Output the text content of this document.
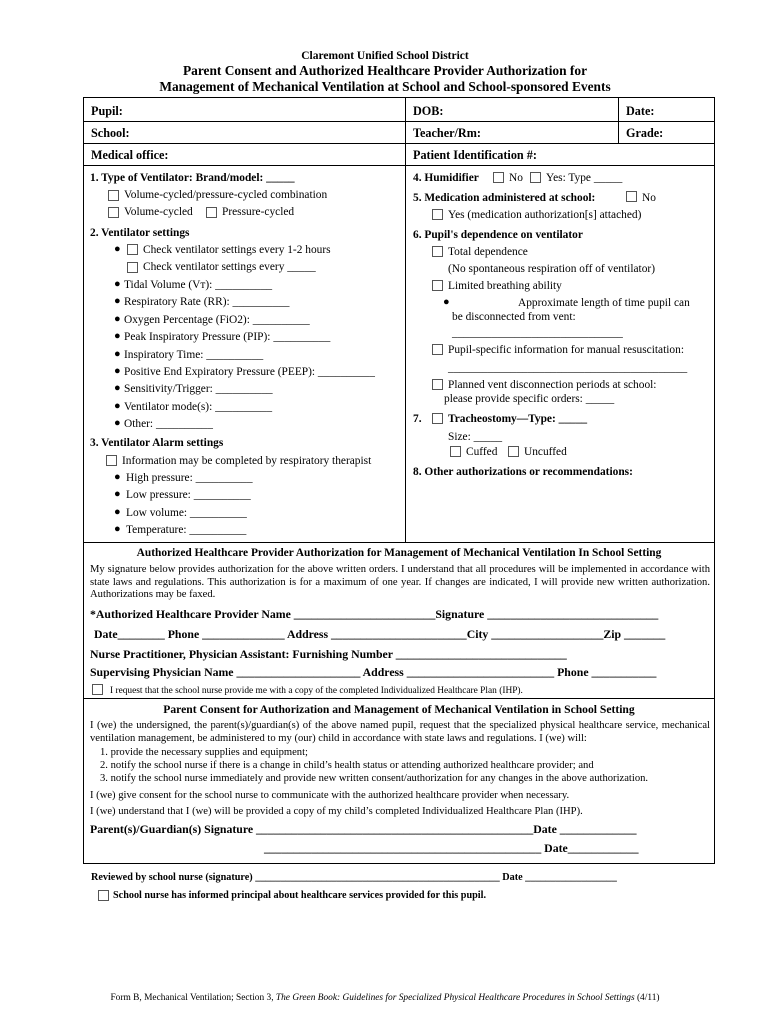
Claremont Unified School District
Parent Consent and Authorized Healthcare Provider Authorization for
Management of Mechanical Ventilation at School and School-sponsored Events
Pupil:	DOB:	Date:
School:	Teacher/Rm:	Grade:
Medical office:	Patient Identification #:
1. Type of Ventilator: Brand/model: _____
Volume-cycled/pressure-cycled combination
Volume-cycled	Pressure-cycled
2. Ventilator settings
● Check ventilator settings every 1-2 hours
Check ventilator settings every _____
● Tidal Volume (Vᴛ): __________
● Respiratory Rate (RR): __________
● Oxygen Percentage (FiO2): __________
● Peak Inspiratory Pressure (PIP): __________
● Inspiratory Time: __________
● Positive End Expiratory Pressure (PEEP): __________
● Sensitivity/Trigger: __________
● Ventilator mode(s): __________
● Other: __________
3. Ventilator Alarm settings
Information may be completed by respiratory therapist
● High pressure: __________
● Low pressure: __________
● Low volume: __________
● Temperature: __________
4. Humidifier	No Yes: Type _____
5. Medication administered at school:	No
Yes (medication authorization[s] attached)
6. Pupil's dependence on ventilator
Total dependence
(No spontaneous respiration off of ventilator)
Limited breathing ability
●	Approximate length of time pupil can
be disconnected from vent:
______________________________
Pupil-specific information for manual resuscitation:
__________________________________________
Planned vent disconnection periods at school:
please provide specific orders: _____
7. Tracheostomy—Type: _____
Size: _____
Cuffed Uncuffed
8. Other authorizations or recommendations:
Authorized Healthcare Provider Authorization for Management of Mechanical Ventilation In School Setting
My signature below provides authorization for the above written orders. I understand that all procedures will be implemented in accordance with state laws and regulations. This authorization is for a maximum of one year. If changes are indicated, I will provide new written authorization. Authorizations may be faxed.
*Authorized Healthcare Provider Name ________________________Signature _____________________________
Date________ Phone ______________ Address _______________________City ___________________Zip _______
Nurse Practitioner, Physician Assistant: Furnishing Number _____________________________
Supervising Physician Name _____________________ Address _________________________ Phone ___________
I request that the school nurse provide me with a copy of the completed Individualized Healthcare Plan (IHP).
Parent Consent for Authorization and Management of Mechanical Ventilation in School Setting
I (we) the undersigned, the parent(s)/guardian(s) of the above named pupil, request that the specialized physical healthcare service, mechanical ventilation management, be administered to my (our) child in accordance with state laws and regulations. I (we) will:
1. provide the necessary supplies and equipment;
2. notify the school nurse if there is a change in child’s health status or attending authorized healthcare provider; and
3. notify the school nurse immediately and provide new written consent/authorization for any changes in the above authorization.
I (we) give consent for the school nurse to communicate with the authorized healthcare provider when necessary.
I (we) understand that I (we) will be provided a copy of my child’s completed Individualized Healthcare Plan (IHP).
Parent(s)/Guardian(s) Signature _______________________________________________Date _____________
_______________________________________________ Date____________
Reviewed by school nurse (signature) ________________________________________________ Date __________________
School nurse has informed principal about healthcare services provided for this pupil.
Form B, Mechanical Ventilation; Section 3, The Green Book: Guidelines for Specialized Physical Healthcare Procedures in School Settings (4/11)
